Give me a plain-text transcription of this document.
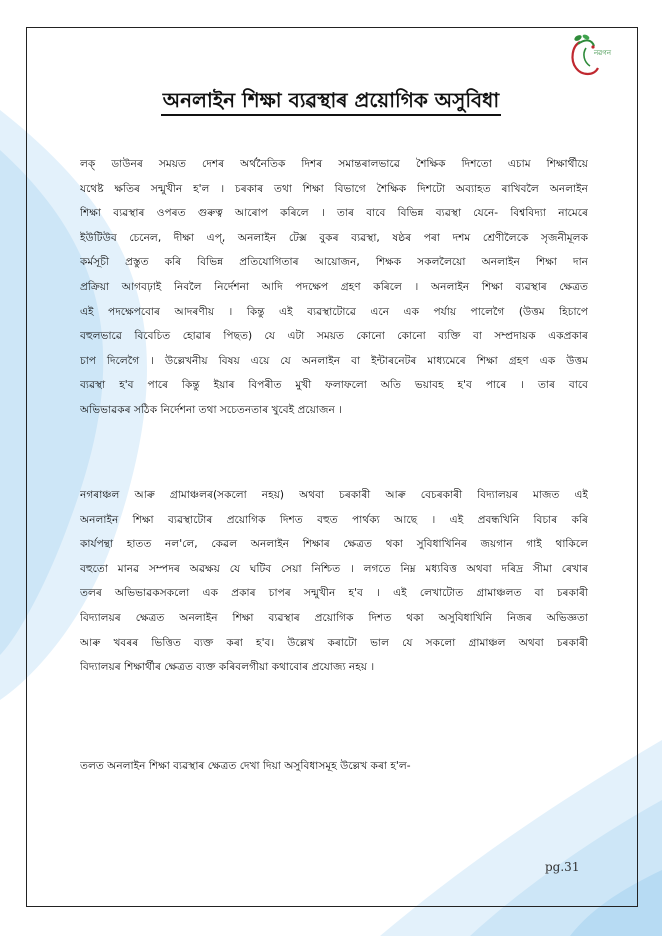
নৱগন
অনলাইন শিক্ষা ব্যৱস্থাৰ প্ৰয়োগিক অসুবিধা
লক্ ডাউনৰ সময়ত দেশৰ অৰ্থনৈতিক দিশৰ সমান্তৰালভাৱে শৈক্ষিক দিশতো এচাম শিক্ষাৰ্থীয়ে
যথেষ্ট ক্ষতিৰ সন্মুখীন হ'ল । চৰকাৰ তথা শিক্ষা বিভাগে শৈক্ষিক দিশটো অব্যাহত ৰাখিবলৈ অনলাইন
শিক্ষা ব্যৱস্থাৰ ওপৰত গুৰুত্ব আৰোপ কৰিলে । তাৰ বাবে বিভিন্ন ব্যৱস্থা যেনে- বিশ্ববিদ্যা নামেৰে
ইউটিউব চেনেল, দীক্ষা এপ্, অনলাইন টেক্স বুকৰ ব্যৱস্থা, ষষ্ঠৰ পৰা দশম শ্ৰেণীলৈকে সৃজনীমূলক
কৰ্মসূচী প্ৰস্তুত কৰি বিভিন্ন প্ৰতিযোগিতাৰ আয়োজন, শিক্ষক সকললৈয়ো অনলাইন শিক্ষা দান
প্ৰক্ৰিয়া আগবঢ়াই নিবলৈ নিৰ্দেশনা আদি পদক্ষেপ গ্ৰহণ কৰিলে । অনলাইন শিক্ষা ব্যৱস্থাৰ ক্ষেত্ৰত
এই পদক্ষেপবোৰ আদৰণীয় । কিন্তু এই ব্যৱস্থাটোৱে এনে এক পৰ্যায় পালেগৈ (উত্তম হিচাপে
বহুলভাৱে বিবেচিত হোৱাৰ পিছত) যে এটা সময়ত কোনো কোনো ব্যক্তি বা সম্প্ৰদায়ক একপ্ৰকাৰ
চাপ দিলেগৈ । উল্লেখনীয় বিষয় এয়ে যে অনলাইন বা ইন্টাৰনেটৰ মাধ্যমেৰে শিক্ষা গ্ৰহণ এক উত্তম
ব্যৱস্থা হ'ব পাৰে কিন্তু ইয়াৰ বিপৰীত মুখী ফলাফলো অতি ভয়াবহ হ'ব পাৰে । তাৰ বাবে
অভিভাৱকৰ সঠিক নিৰ্দেশনা তথা সচেতনতাৰ খুবেই প্ৰয়োজন ।
নগৰাঞ্চল আৰু গ্ৰামাঞ্চলৰ(সকলো নহয়) অথবা চৰকাৰী আৰু বেচৰকাৰী বিদ্যালয়ৰ মাজত এই
অনলাইন শিক্ষা ব্যৱস্থাটোৰ প্ৰয়োগিক দিশত বহুত পাৰ্থক্য আছে । এই প্ৰবন্ধখিনি বিচাৰ কৰি
কাৰ্যপন্থা হাতত নল'লে, কেৱল অনলাইন শিক্ষাৰ ক্ষেত্ৰত থকা সুবিধাখিনিৰ জয়গান গাই থাকিলে
বহুতো মানৱ সম্পদৰ অৱক্ষয় যে ঘটিব সেয়া নিশ্চিত । লগতে নিম্ন মধ্যবিত্ত অথবা দৰিদ্ৰ সীমা ৰেখাৰ
তলৰ অভিভাৱকসকলো এক প্ৰকাৰ চাপৰ সন্মুখীন হ'ব । এই লেখাটোত গ্ৰামাঞ্চলত বা চৰকাৰী
বিদ্যালয়ৰ ক্ষেত্ৰত অনলাইন শিক্ষা ব্যৱস্থাৰ প্ৰয়োগিক দিশত থকা অসুবিধাখিনি নিজৰ অভিজ্ঞতা
আৰু খবৰৰ ভিত্তিত ব্যক্ত কৰা হ'ব। উল্লেখ কৰাটো ভাল যে সকলো গ্ৰামাঞ্চল অথবা চৰকাৰী
বিদ্যালয়ৰ শিক্ষাৰ্থীৰ ক্ষেত্ৰত ব্যক্ত কৰিবলগীয়া কথাবোৰ প্ৰযোজ্য নহয় ।
তলত অনলাইন শিক্ষা ব্যৱস্থাৰ ক্ষেত্ৰত দেখা দিয়া অসুবিধাসমূহ উল্লেখ কৰা হ'ল-
pg.31
